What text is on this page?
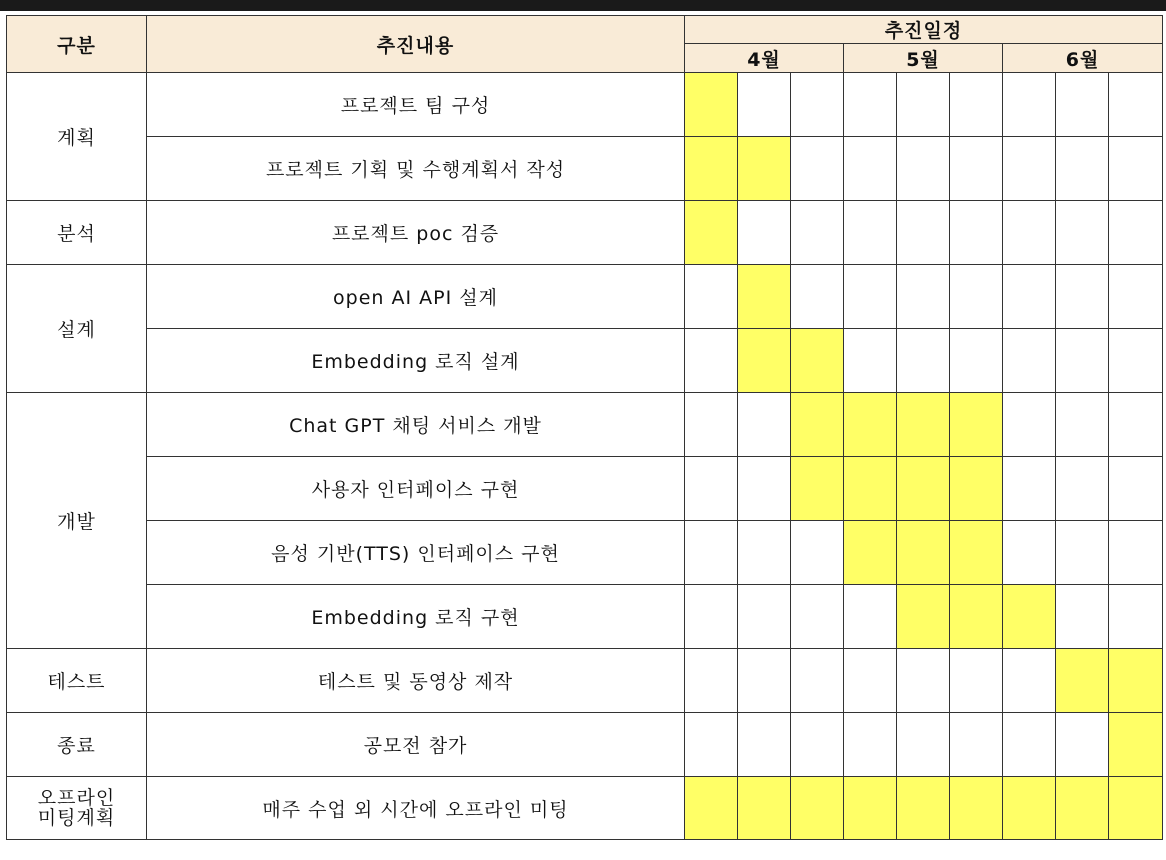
구분	추진내용	추진일정								
		4월			5월			6월		
계획	프로젝트 팀 구성									
	프로젝트 기획 및 수행계획서 작성									
분석	프로젝트 poc 검증									
설계	open AI API 설계									
	Embedding 로직 설계									
개발	Chat GPT 채팅 서비스 개발									
	사용자 인터페이스 구현									
	음성 기반(TTS) 인터페이스 구현									
	Embedding 로직 구현									
테스트	테스트 및 동영상 제작									
종료	공모전 참가									
오프라인
미팅계획	매주 수업 외 시간에 오프라인 미팅									
